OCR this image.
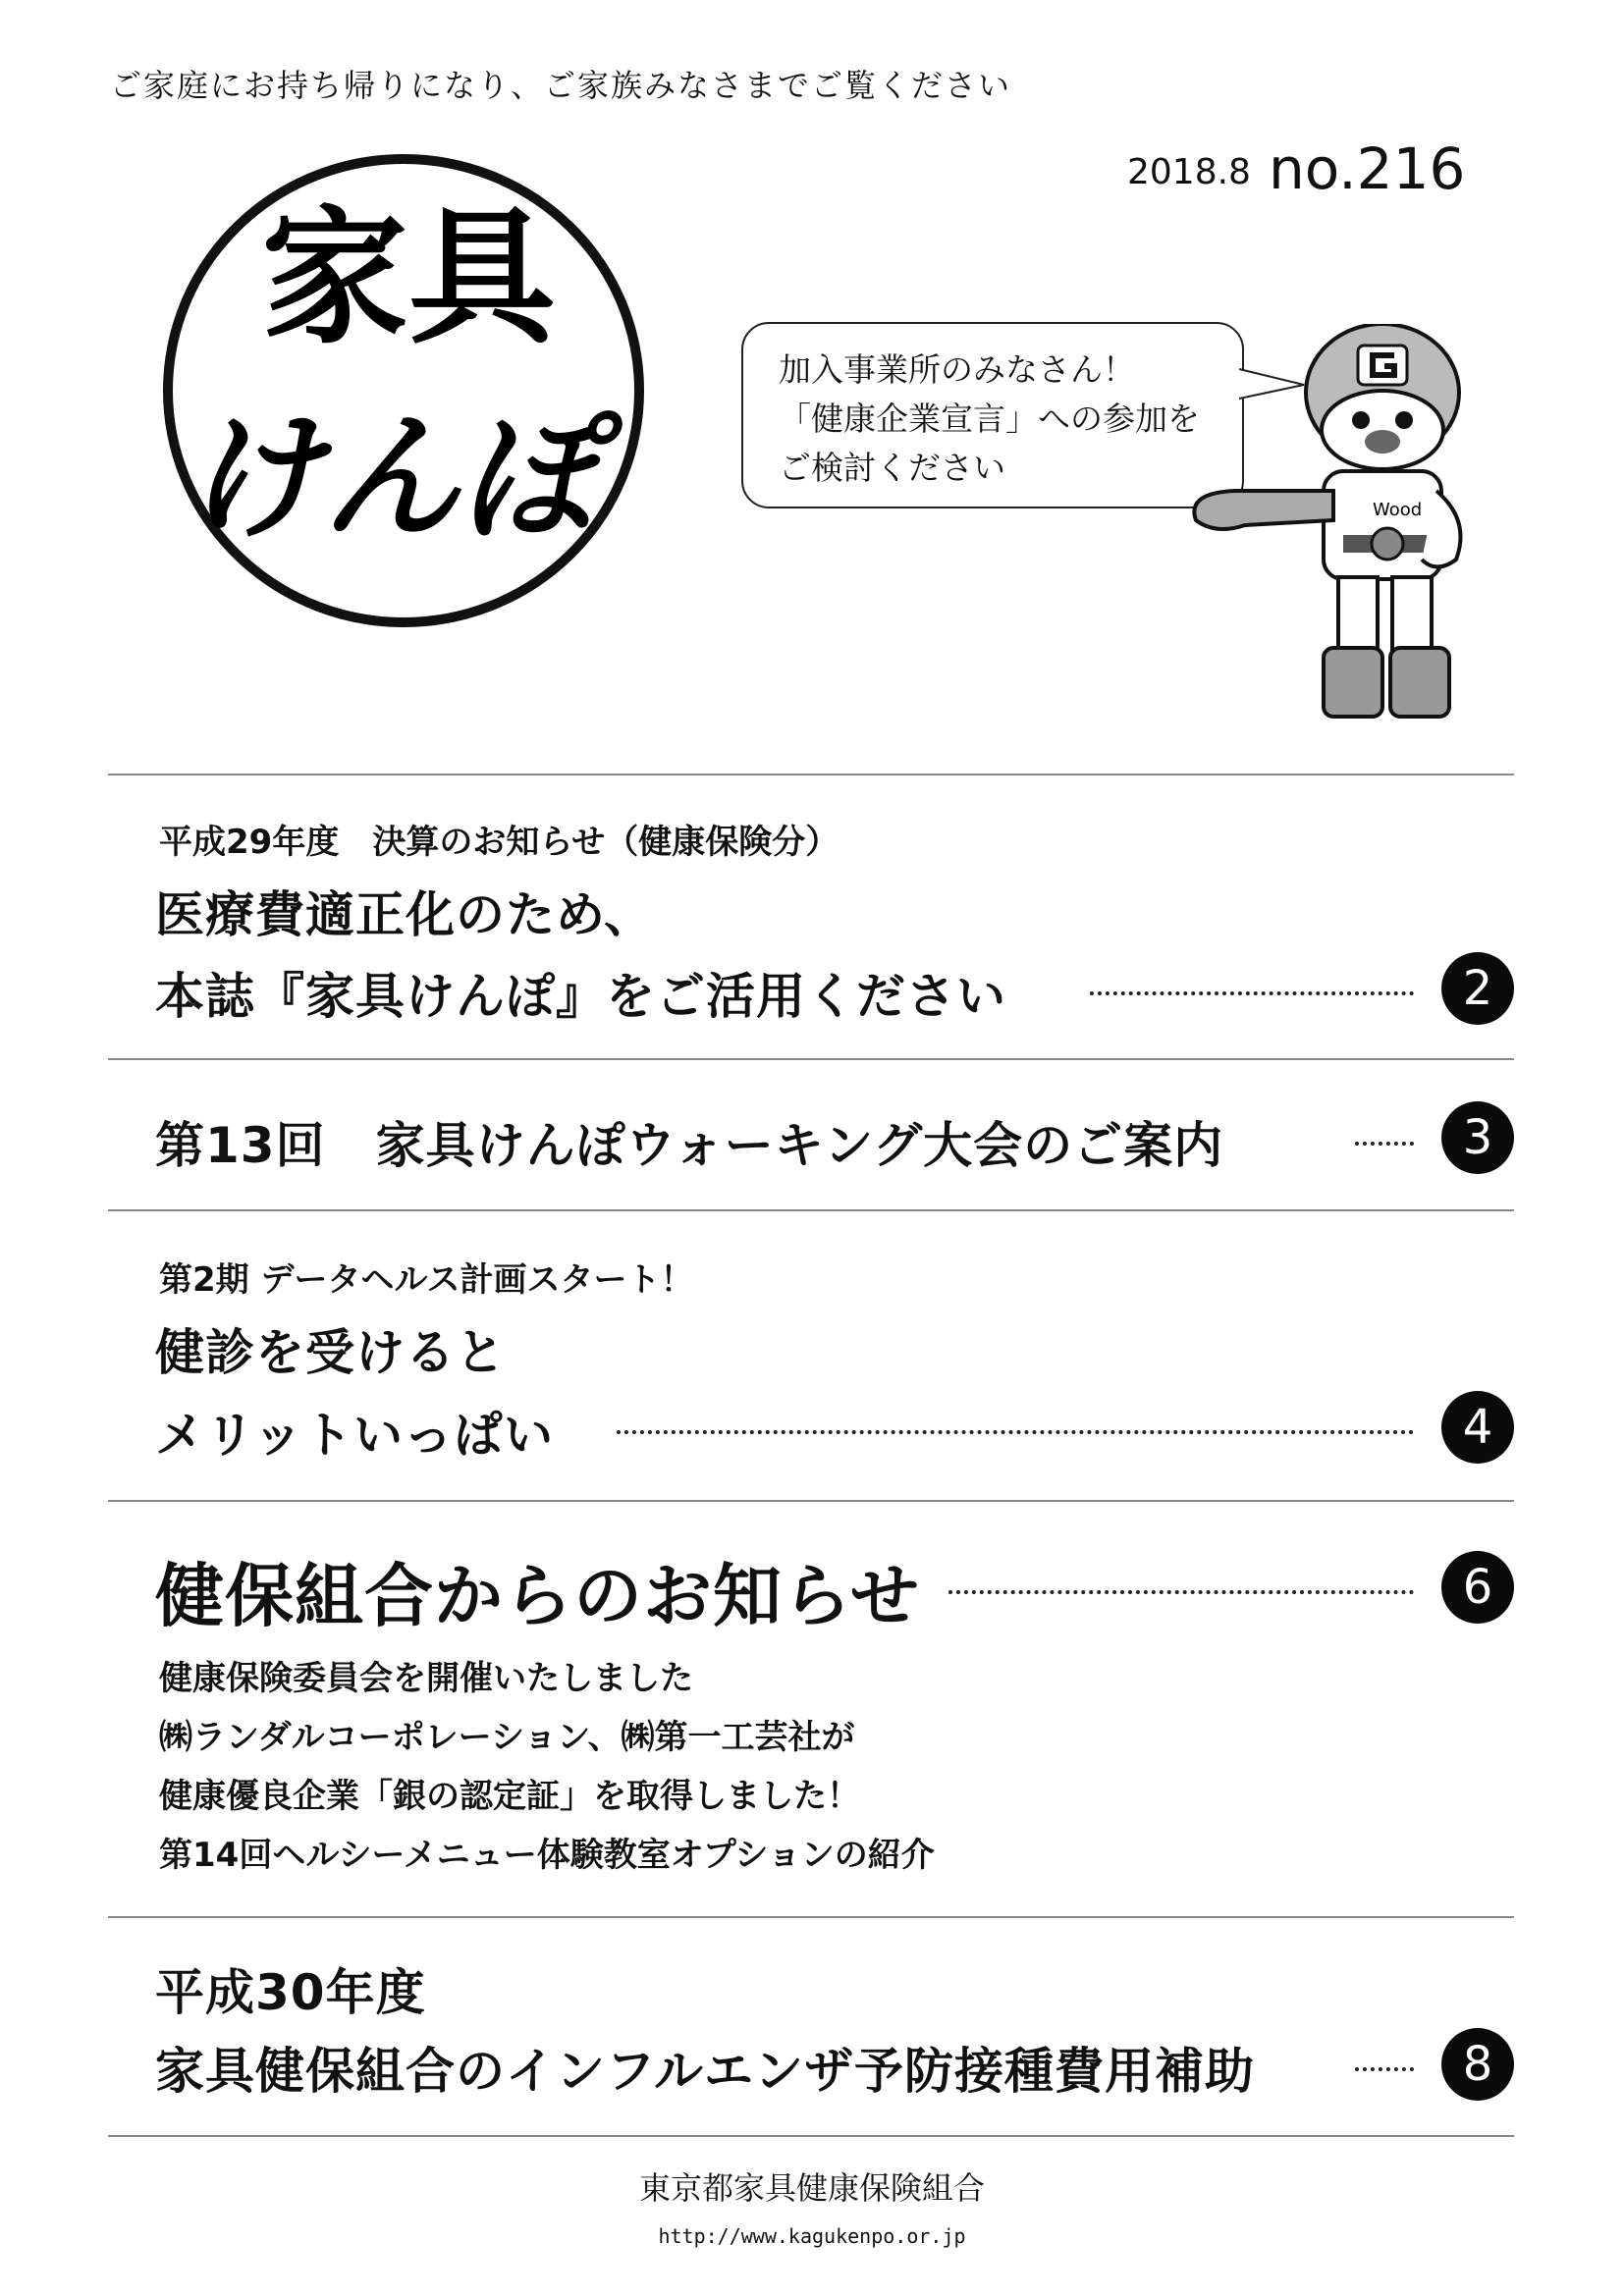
ご家庭にお持ち帰りになり、ご家族みなさまでご覧ください
2018.8 no.216
家具
けんぽ
加入事業所のみなさん！
「健康企業宣言」への参加を
ご検討ください
Wood
平成29年度　決算のお知らせ（健康保険分）
医療費適正化のため、
本誌『家具けんぽ』をご活用ください	2
第13回　家具けんぽウォーキング大会のご案内	3
第2期 データヘルス計画スタート！
健診を受けると
メリットいっぱい	4
健保組合からのお知らせ	6
健康保険委員会を開催いたしました
㈱ランダルコーポレーション、㈱第一工芸社が
健康優良企業「銀の認定証」を取得しました！
第14回ヘルシーメニュー体験教室オプションの紹介
平成30年度
家具健保組合のインフルエンザ予防接種費用補助	8
東京都家具健康保険組合
http://www.kagukenpo.or.jp
